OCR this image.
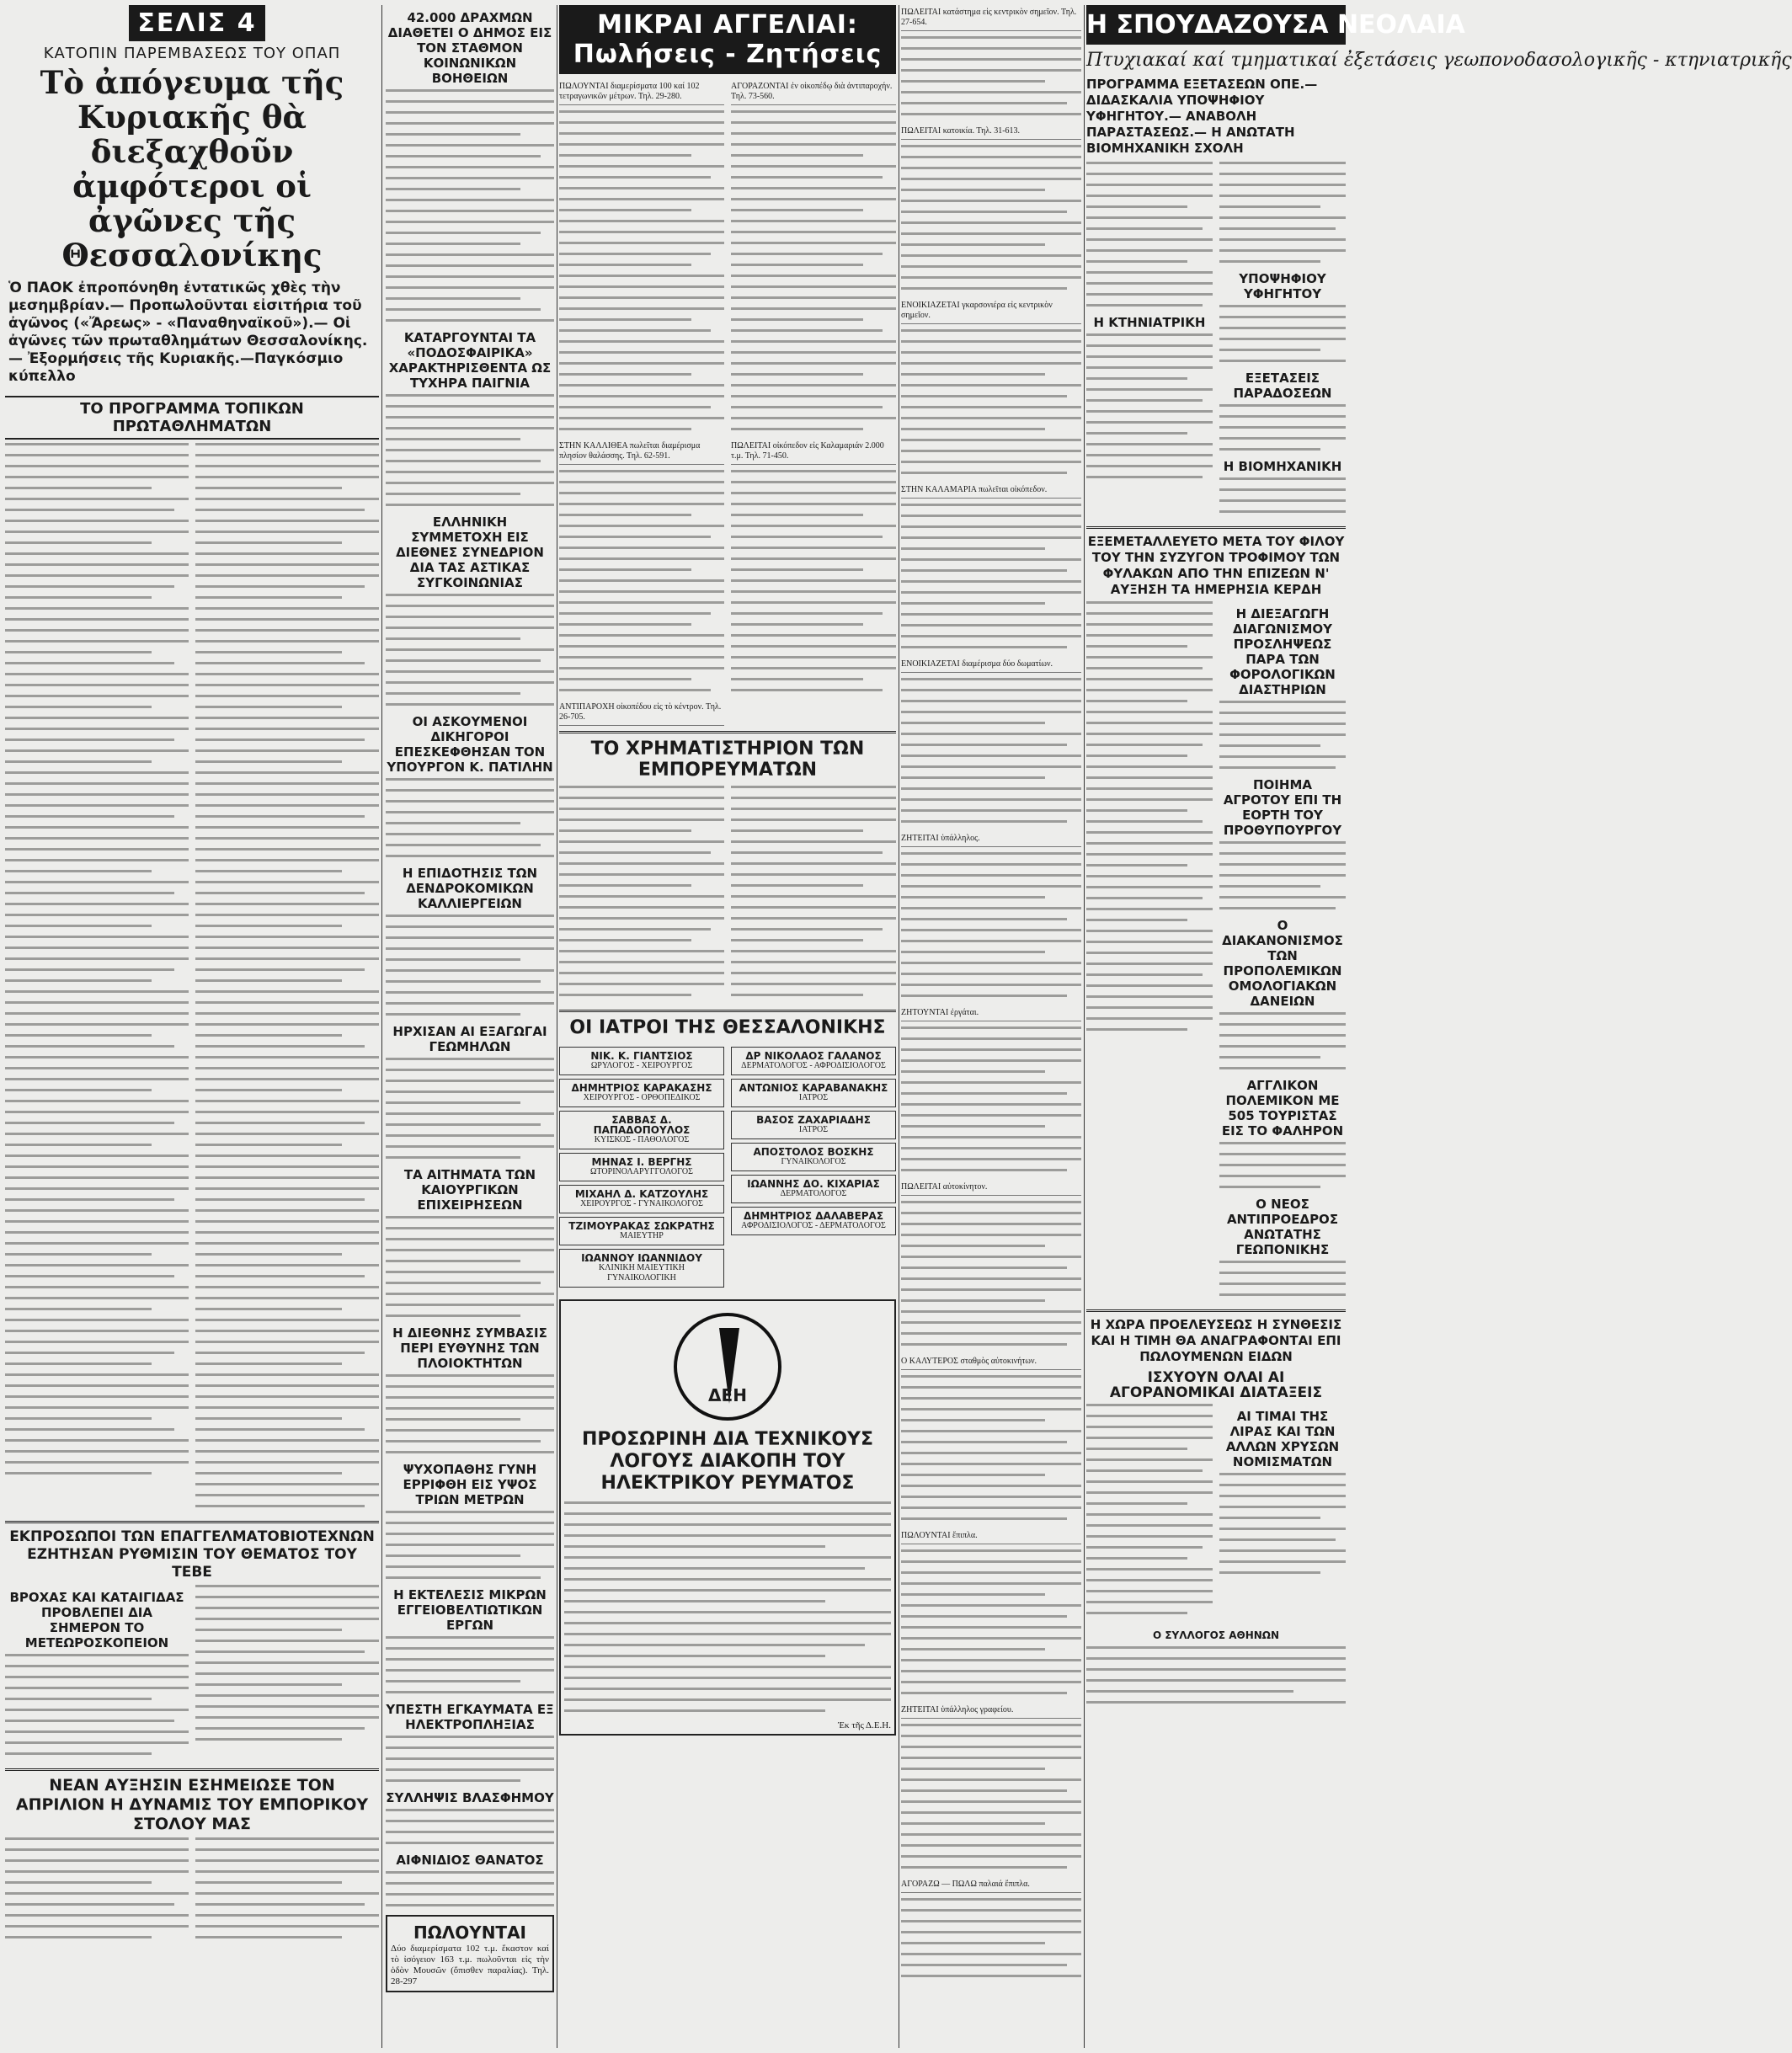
ΣΕΛΙΣ 4
ΚΑΤΟΠΙΝ ΠΑΡΕΜΒΑΣΕΩΣ ΤΟΥ ΟΠΑΠ
Τὸ ἀπόγευμα τῆς Κυριακῆς θὰ διεξαχθοῦν ἀμφότεροι οἱ ἀγῶνες τῆς Θεσσαλονίκης
Ὁ ΠΑΟΚ ἐπροπόνηθη ἐντατικῶς χθὲς τὴν μεσημβρίαν.— Προπωλοῦνται εἰσιτήρια τοῦ ἀγῶνος («Ἄρεως» - «Παναθηναϊκοῦ»).— Οἱ ἀγῶνες τῶν πρωταθλημάτων Θεσσαλονίκης.— Ἐξορμήσεις τῆς Κυριακῆς.—Παγκόσμιο κύπελλο
ΤΟ ΠΡΟΓΡΑΜΜΑ ΤΟΠΙΚΩΝ ΠΡΩΤΑΘΛΗΜΑΤΩΝ
ΕΚΠΡΟΣΩΠΟΙ ΤΩΝ ΕΠΑΓΓΕΛΜΑΤΟΒΙΟΤΕΧΝΩΝ ΕΖΗΤΗΣΑΝ ΡΥΘΜΙΣΙΝ ΤΟΥ ΘΕΜΑΤΟΣ ΤΟΥ ΤΕΒΕ
ΒΡΟΧΑΣ ΚΑΙ ΚΑΤΑΙΓΙΔΑΣ ΠΡΟΒΛΕΠΕΙ ΔΙΑ ΣΗΜΕΡΟΝ ΤΟ ΜΕΤΕΩΡΟΣΚΟΠΕΙΟΝ
ΝΕΑΝ ΑΥΞΗΣΙΝ ΕΣΗΜΕΙΩΣΕ ΤΟΝ ΑΠΡΙΛΙΟΝ Η ΔΥΝΑΜΙΣ ΤΟΥ ΕΜΠΟΡΙΚΟΥ ΣΤΟΛΟΥ ΜΑΣ
42.000 ΔΡΑΧΜΩΝ ΔΙΑΘΕΤΕΙ Ο ΔΗΜΟΣ ΕΙΣ ΤΟΝ ΣΤΑΘΜΟΝ ΚΟΙΝΩΝΙΚΩΝ ΒΟΗΘΕΙΩΝ
ΚΑΤΑΡΓΟΥΝΤΑΙ ΤΑ «ΠΟΔΟΣΦΑΙΡΙΚΑ» ΧΑΡΑΚΤΗΡΙΣΘΕΝΤΑ ΩΣ ΤΥΧΗΡΑ ΠΑΙΓΝΙΑ
ΕΛΛΗΝΙΚΗ ΣΥΜΜΕΤΟΧΗ ΕΙΣ ΔΙΕΘΝΕΣ ΣΥΝΕΔΡΙΟΝ ΔΙΑ ΤΑΣ ΑΣΤΙΚΑΣ ΣΥΓΚΟΙΝΩΝΙΑΣ
ΟΙ ΑΣΚΟΥΜΕΝΟΙ ΔΙΚΗΓΟΡΟΙ ΕΠΕΣΚΕΦΘΗΣΑΝ ΤΟΝ ΥΠΟΥΡΓΟΝ Κ. ΠΑΤΙΛΗΝ
Η ΕΠΙΔΟΤΗΣΙΣ ΤΩΝ ΔΕΝΔΡΟΚΟΜΙΚΩΝ ΚΑΛΛΙΕΡΓΕΙΩΝ
ΗΡΧΙΣΑΝ ΑΙ ΕΞΑΓΩΓΑΙ ΓΕΩΜΗΛΩΝ
ΤΑ ΑΙΤΗΜΑΤΑ ΤΩΝ ΚΑΙΟΥΡΓΙΚΩΝ ΕΠΙΧΕΙΡΗΣΕΩΝ
Η ΔΙΕΘΝΗΣ ΣΥΜΒΑΣΙΣ ΠΕΡΙ ΕΥΘΥΝΗΣ ΤΩΝ ΠΛΟΙΟΚΤΗΤΩΝ
ΨΥΧΟΠΑΘΗΣ ΓΥΝΗ ΕΡΡΙΦΘΗ ΕΙΣ ΥΨΟΣ ΤΡΙΩΝ ΜΕΤΡΩΝ
Η ΕΚΤΕΛΕΣΙΣ ΜΙΚΡΩΝ ΕΓΓΕΙΟΒΕΛΤΙΩΤΙΚΩΝ ΕΡΓΩΝ
ΥΠΕΣΤΗ ΕΓΚΑΥΜΑΤΑ ΕΞ ΗΛΕΚΤΡΟΠΛΗΞΙΑΣ
ΣΥΛΛΗΨΙΣ ΒΛΑΣΦΗΜΟΥ
ΑΙΦΝΙΔΙΟΣ ΘΑΝΑΤΟΣ
ΠΩΛΟΥΝΤΑΙ
Δύο διαμερίσματα 102 τ.μ. ἕκαστον καί τὸ ἰσόγειον 163 τ.μ. πωλοῦνται εἰς τὴν ὁδὸν Μουσῶν (ὄπισθεν παραλίας). Τηλ. 28-297
ΜΙΚΡΑΙ ΑΓΓΕΛΙΑΙ: Πωλήσεις - Ζητήσεις
ΠΩΛΟΥΝΤΑΙ διαμερίσματα 100 καί 102 τετραγωνικῶν μέτρων. Τηλ. 29-280.
ΣΤΗΝ ΚΑΛΛΙΘΕΑ πωλεῖται διαμέρισμα πλησίον θαλάσσης. Τηλ. 62-591.
ΑΝΤΙΠΑΡΟΧΗ οἰκοπέδου εἰς τὸ κέντρον. Τηλ. 26-705.
ΑΓΟΡΑΖΟΝΤΑΙ ἐν οἰκοπέδῳ διὰ ἀντιπαροχήν. Τηλ. 73-560.
ΠΩΛΕΙΤΑΙ οἰκόπεδον εἰς Καλαμαριάν 2.000 τ.μ. Τηλ. 71-450.
ΤΟ ΧΡΗΜΑΤΙΣΤΗΡΙΟΝ ΤΩΝ ΕΜΠΟΡΕΥΜΑΤΩΝ
ΟΙ ΙΑΤΡΟΙ ΤΗΣ ΘΕΣΣΑΛΟΝΙΚΗΣ
ΝΙΚ. Κ. ΓΙΑΝΤΣΙΟΣ
ΩΡΥΛΟΓΟΣ - ΧΕΙΡΟΥΡΓΟΣ
ΔΗΜΗΤΡΙΟΣ ΚΑΡΑΚΑΣΗΣ
ΧΕΙΡΟΥΡΓΟΣ - ΟΡΘΟΠΕΔΙΚΟΣ
ΣΑΒΒΑΣ Δ. ΠΑΠΑΔΟΠΟΥΛΟΣ
ΚΥΙΣΚΟΣ - ΠΑΘΟΛΟΓΟΣ
ΜΗΝΑΣ Ι. ΒΕΡΓΗΣ
ΩΤΟΡΙΝΟΛΑΡΥΓΓΟΛΟΓΟΣ
ΜΙΧΑΗΛ Δ. ΚΑΤΖΟΥΛΗΣ
ΧΕΙΡΟΥΡΓΟΣ - ΓΥΝΑΙΚΟΛΟΓΟΣ
ΤΖΙΜΟΥΡΑΚΑΣ ΣΩΚΡΑΤΗΣ
ΜΑΙΕΥΤΗΡ
ΙΩΑΝΝΟΥ ΙΩΑΝΝΙΔΟΥ
ΚΛΙΝΙΚΗ ΜΑΙΕΥΤΙΚΗ ΓΥΝΑΙΚΟΛΟΓΙΚΗ
ΔΡ ΝΙΚΟΛΑΟΣ ΓΑΛΑΝΟΣ
ΔΕΡΜΑΤΟΛΟΓΟΣ - ΑΦΡΟΔΙΣΙΟΛΟΓΟΣ
ΑΝΤΩΝΙΟΣ ΚΑΡΑΒΑΝΑΚΗΣ
ΙΑΤΡΟΣ
ΒΑΣΟΣ ΖΑΧΑΡΙΑΔΗΣ
ΙΑΤΡΟΣ
ΑΠΟΣΤΟΛΟΣ ΒΟΣΚΗΣ
ΓΥΝΑΙΚΟΛΟΓΟΣ
ΙΩΑΝΝΗΣ ΔΟ. ΚΙΧΑΡΙΑΣ
ΔΕΡΜΑΤΟΛΟΓΟΣ
ΔΗΜΗΤΡΙΟΣ ΔΑΛΑΒΕΡΑΣ
ΑΦΡΟΔΙΣΙΟΛΟΓΟΣ - ΔΕΡΜΑΤΟΛΟΓΟΣ
ΔΕΗ
ΠΡΟΣΩΡΙΝΗ ΔΙΑ ΤΕΧΝΙΚΟΥΣ ΛΟΓΟΥΣ ΔΙΑΚΟΠΗ ΤΟΥ ΗΛΕΚΤΡΙΚΟΥ ΡΕΥΜΑΤΟΣ
Ἐκ τῆς Δ.Ε.Η.
ΠΩΛΕΙΤΑΙ κατάστημα εἰς κεντρικὸν σημεῖον. Τηλ. 27-654.
ΠΩΛΕΙΤΑΙ κατοικία. Τηλ. 31-613.
ΕΝΟΙΚΙΑΖΕΤΑΙ γκαρσονιέρα εἰς κεντρικὸν σημεῖον.
ΣΤΗΝ ΚΑΛΑΜΑΡΙΑ πωλεῖται οἰκόπεδον.
ΕΝΟΙΚΙΑΖΕΤΑΙ διαμέρισμα δύο δωματίων.
ΖΗΤΕΙΤΑΙ ὑπάλληλος.
ΖΗΤΟΥΝΤΑΙ ἐργάται.
ΠΩΛΕΙΤΑΙ αὐτοκίνητον.
Ο ΚΑΛΥΤΕΡΟΣ σταθμὸς αὐτοκινήτων.
ΠΩΛΟΥΝΤΑΙ ἔπιπλα.
ΖΗΤΕΙΤΑΙ ὑπάλληλος γραφείου.
ΑΓΟΡΑΖΩ — ΠΩΛΩ παλαιά ἔπιπλα.
Η ΣΠΟΥΔΑΖΟΥΣΑ ΝΕΟΛΑΙΑ
Πτυχιακαί καί τμηματικαί ἐξετάσεις γεωπονοδασολογικῆς - κτηνιατρικῆς
ΠΡΟΓΡΑΜΜΑ ΕΞΕΤΑΣΕΩΝ ΟΠΕ.— ΔΙΔΑΣΚΑΛΙΑ ΥΠΟΨΗΦΙΟΥ ΥΦΗΓΗΤΟΥ.— ΑΝΑΒΟΛΗ ΠΑΡΑΣΤΑΣΕΩΣ.— Η ΑΝΩΤΑΤΗ ΒΙΟΜΗΧΑΝΙΚΗ ΣΧΟΛΗ
Η ΚΤΗΝΙΑΤΡΙΚΗ
ΥΠΟΨΗΦΙΟΥ ΥΦΗΓΗΤΟΥ
ΕΞΕΤΑΣΕΙΣ ΠΑΡΑΔΟΣΕΩΝ
Η ΒΙΟΜΗΧΑΝΙΚΗ
ΕΞΕΜΕΤΑΛΛΕΥΕΤΟ ΜΕΤΑ ΤΟΥ ΦΙΛΟΥ ΤΟΥ ΤΗΝ ΣΥΖΥΓΟΝ ΤΡΟΦΙΜΟΥ ΤΩΝ ΦΥΛΑΚΩΝ ΑΠΟ ΤΗΝ ΕΠΙΖΕΩΝ Ν' ΑΥΞΗΣΗ ΤΑ ΗΜΕΡΗΣΙΑ ΚΕΡΔΗ
Η ΔΙΕΞΑΓΩΓΗ ΔΙΑΓΩΝΙΣΜΟΥ ΠΡΟΣΛΗΨΕΩΣ ΠΑΡΑ ΤΩΝ ΦΟΡΟΛΟΓΙΚΩΝ ΔΙΑΣΤΗΡΙΩΝ
ΠΟΙΗΜΑ ΑΓΡΟΤΟΥ ΕΠΙ ΤΗ ΕΟΡΤΗ ΤΟΥ ΠΡΟΘΥΠΟΥΡΓΟΥ
Ο ΔΙΑΚΑΝΟΝΙΣΜΟΣ ΤΩΝ ΠΡΟΠΟΛΕΜΙΚΩΝ ΟΜΟΛΟΓΙΑΚΩΝ ΔΑΝΕΙΩΝ
ΑΓΓΛΙΚΟΝ ΠΟΛΕΜΙΚΟΝ ΜΕ 505 ΤΟΥΡΙΣΤΑΣ ΕΙΣ ΤΟ ΦΑΛΗΡΟΝ
Ο ΝΕΟΣ ΑΝΤΙΠΡΟΕΔΡΟΣ ΑΝΩΤΑΤΗΣ ΓΕΩΠΟΝΙΚΗΣ
Η ΧΩΡΑ ΠΡΟΕΛΕΥΣΕΩΣ Η ΣΥΝΘΕΣΙΣ ΚΑΙ Η ΤΙΜΗ ΘΑ ΑΝΑΓΡΑΦΟΝΤΑΙ ΕΠΙ ΠΩΛΟΥΜΕΝΩΝ ΕΙΔΩΝ
ΙΣΧΥΟΥΝ ΟΛΑΙ ΑΙ ΑΓΟΡΑΝΟΜΙΚΑΙ ΔΙΑΤΑΞΕΙΣ
ΑΙ ΤΙΜΑΙ ΤΗΣ ΛΙΡΑΣ ΚΑΙ ΤΩΝ ΑΛΛΩΝ ΧΡΥΣΩΝ ΝΟΜΙΣΜΑΤΩΝ
Ο ΣΥΛΛΟΓΟΣ ΑΘΗΝΩΝ
